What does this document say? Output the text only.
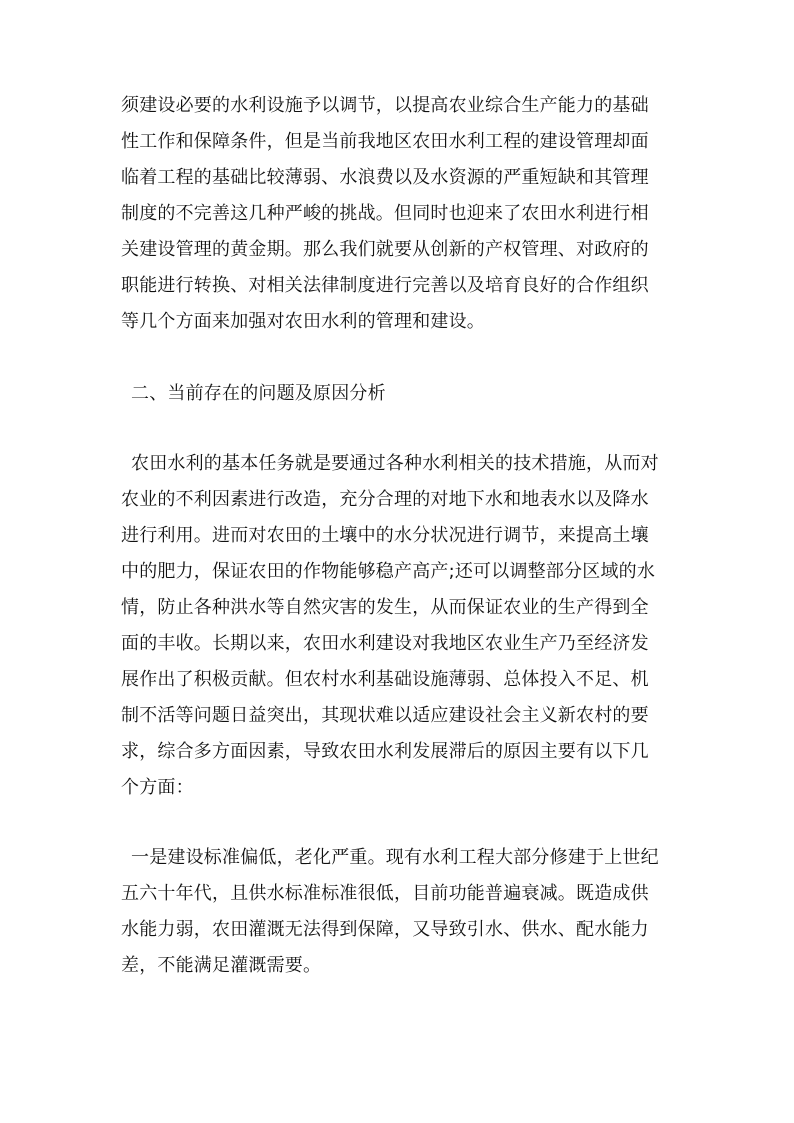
须建设必要的水利设施予以调节，以提高农业综合生产能力的基础
性工作和保障条件，但是当前我地区农田水利工程的建设管理却面
临着工程的基础比较薄弱、水浪费以及水资源的严重短缺和其管理
制度的不完善这几种严峻的挑战。但同时也迎来了农田水利进行相
关建设管理的黄金期。那么我们就要从创新的产权管理、对政府的
职能进行转换、对相关法律制度进行完善以及培育良好的合作组织
等几个方面来加强对农田水利的管理和建设。
二、当前存在的问题及原因分析
农田水利的基本任务就是要通过各种水利相关的技术措施，从而对
农业的不利因素进行改造，充分合理的对地下水和地表水以及降水
进行利用。进而对农田的土壤中的水分状况进行调节，来提高土壤
中的肥力，保证农田的作物能够稳产高产;还可以调整部分区域的水
情，防止各种洪水等自然灾害的发生，从而保证农业的生产得到全
面的丰收。长期以来，农田水利建设对我地区农业生产乃至经济发
展作出了积极贡献。但农村水利基础设施薄弱、总体投入不足、机
制不活等问题日益突出，其现状难以适应建设社会主义新农村的要
求，综合多方面因素，导致农田水利发展滞后的原因主要有以下几
个方面：
一是建设标准偏低，老化严重。现有水利工程大部分修建于上世纪
五六十年代，且供水标准标准很低，目前功能普遍衰减。既造成供
水能力弱，农田灌溉无法得到保障，又导致引水、供水、配水能力
差，不能满足灌溉需要。
